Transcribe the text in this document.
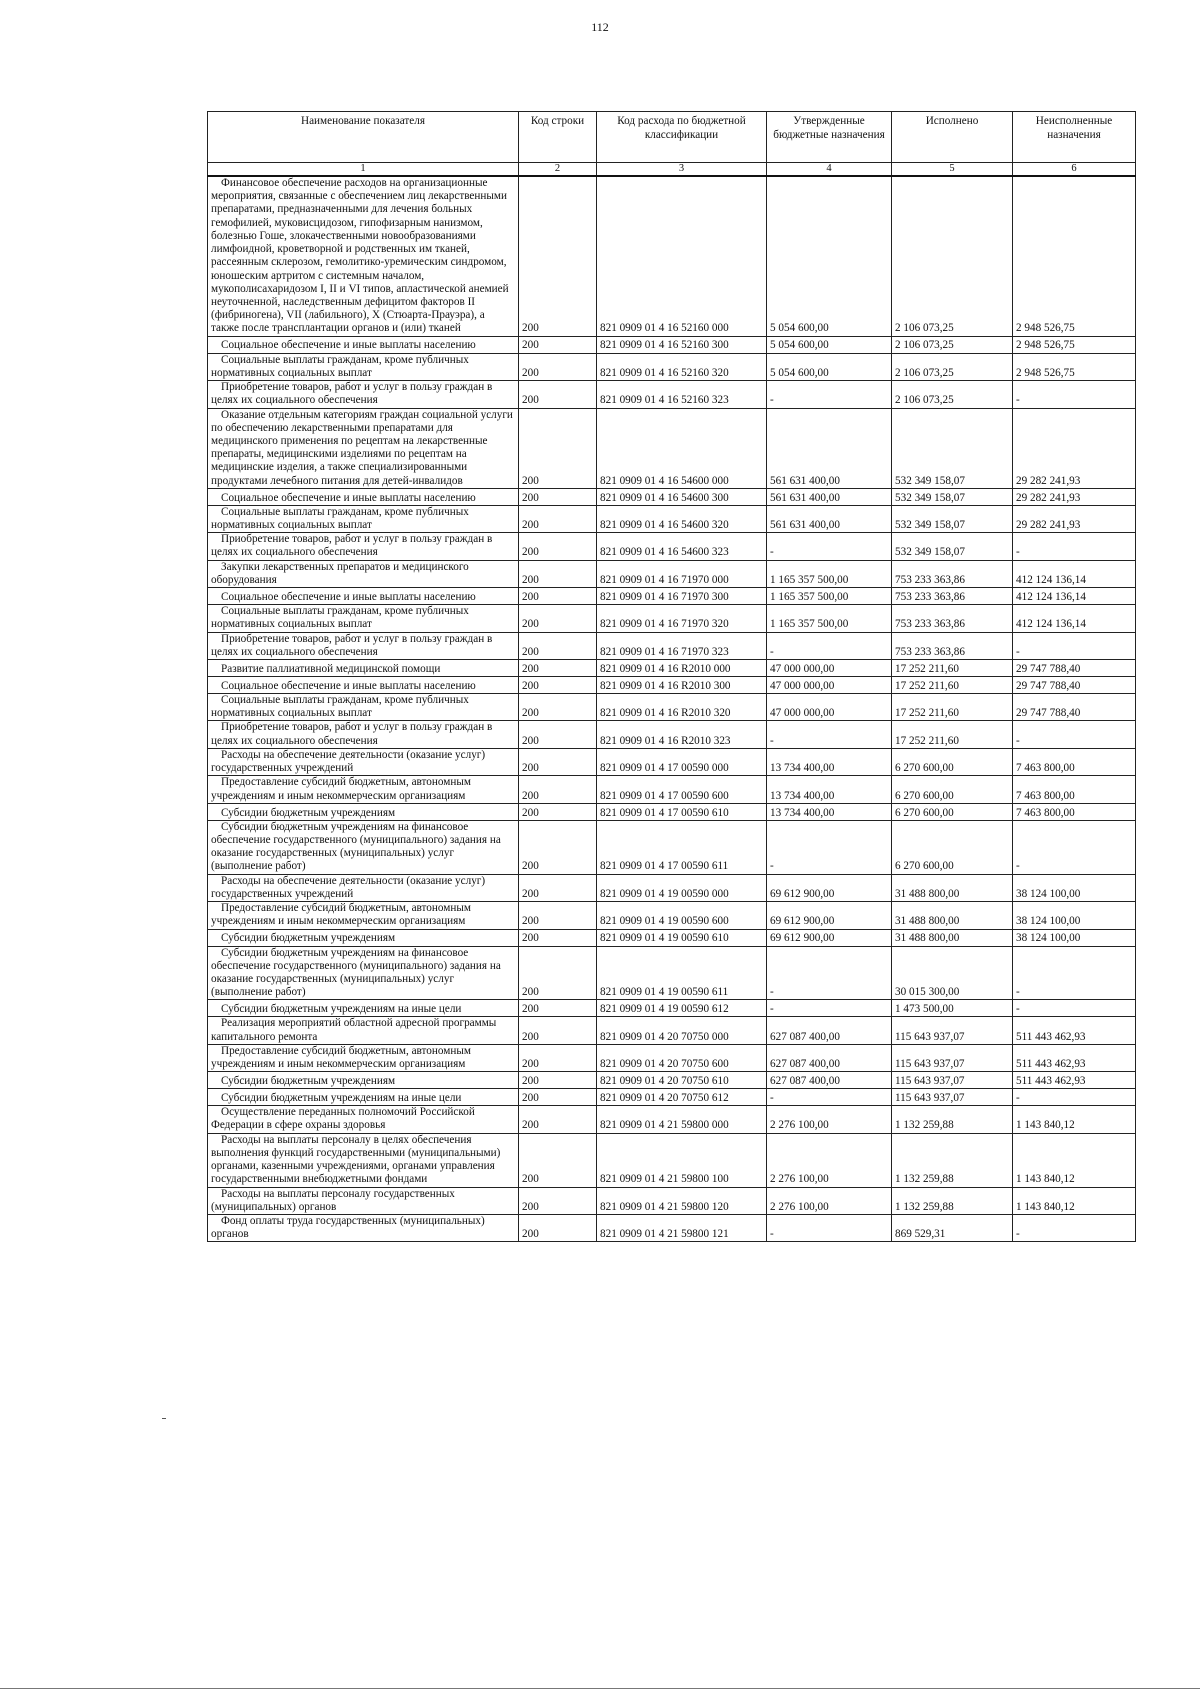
112
Наименование показателя	Код строки	Код расхода по бюджетной классификации	Утвержденные бюджетные назначения	Исполнено	Неисполненные назначения
1	2	3	4	5	6
Финансовое обеспечение расходов на организационные мероприятия, связанные с обеспечением лиц лекарственными препаратами, предназначенными для лечения больных гемофилией, муковисцидозом, гипофизарным нанизмом, болезнью Гоше, злокачественными новообразованиями лимфоидной, кроветворной и родственных им тканей, рассеянным склерозом, гемолитико-уремическим синдромом, юношеским артритом с системным началом, мукополисахаридозом I, II и VI типов, апластической анемией неуточненной, наследственным дефицитом факторов II (фибриногена), VII (лабильного), X (Стюарта-Прауэра), а также после трансплантации органов и (или) тканей	200	821 0909 01 4 16 52160 000	5 054 600,00	2 106 073,25	2 948 526,75
Социальное обеспечение и иные выплаты населению	200	821 0909 01 4 16 52160 300	5 054 600,00	2 106 073,25	2 948 526,75
Социальные выплаты гражданам, кроме публичных нормативных социальных выплат	200	821 0909 01 4 16 52160 320	5 054 600,00	2 106 073,25	2 948 526,75
Приобретение товаров, работ и услуг в пользу граждан в целях их социального обеспечения	200	821 0909 01 4 16 52160 323	-	2 106 073,25	-
Оказание отдельным категориям граждан социальной услуги по обеспечению лекарственными препаратами для медицинского применения по рецептам на лекарственные препараты, медицинскими изделиями по рецептам на медицинские изделия, а также специализированными продуктами лечебного питания для детей-инвалидов	200	821 0909 01 4 16 54600 000	561 631 400,00	532 349 158,07	29 282 241,93
Социальное обеспечение и иные выплаты населению	200	821 0909 01 4 16 54600 300	561 631 400,00	532 349 158,07	29 282 241,93
Социальные выплаты гражданам, кроме публичных нормативных социальных выплат	200	821 0909 01 4 16 54600 320	561 631 400,00	532 349 158,07	29 282 241,93
Приобретение товаров, работ и услуг в пользу граждан в целях их социального обеспечения	200	821 0909 01 4 16 54600 323	-	532 349 158,07	-
Закупки лекарственных препаратов и медицинского оборудования	200	821 0909 01 4 16 71970 000	1 165 357 500,00	753 233 363,86	412 124 136,14
Социальное обеспечение и иные выплаты населению	200	821 0909 01 4 16 71970 300	1 165 357 500,00	753 233 363,86	412 124 136,14
Социальные выплаты гражданам, кроме публичных нормативных социальных выплат	200	821 0909 01 4 16 71970 320	1 165 357 500,00	753 233 363,86	412 124 136,14
Приобретение товаров, работ и услуг в пользу граждан в целях их социального обеспечения	200	821 0909 01 4 16 71970 323	-	753 233 363,86	-
Развитие паллиативной медицинской помощи	200	821 0909 01 4 16 R2010 000	47 000 000,00	17 252 211,60	29 747 788,40
Социальное обеспечение и иные выплаты населению	200	821 0909 01 4 16 R2010 300	47 000 000,00	17 252 211,60	29 747 788,40
Социальные выплаты гражданам, кроме публичных нормативных социальных выплат	200	821 0909 01 4 16 R2010 320	47 000 000,00	17 252 211,60	29 747 788,40
Приобретение товаров, работ и услуг в пользу граждан в целях их социального обеспечения	200	821 0909 01 4 16 R2010 323	-	17 252 211,60	-
Расходы на обеспечение деятельности (оказание услуг) государственных учреждений	200	821 0909 01 4 17 00590 000	13 734 400,00	6 270 600,00	7 463 800,00
Предоставление субсидий бюджетным, автономным учреждениям и иным некоммерческим организациям	200	821 0909 01 4 17 00590 600	13 734 400,00	6 270 600,00	7 463 800,00
Субсидии бюджетным учреждениям	200	821 0909 01 4 17 00590 610	13 734 400,00	6 270 600,00	7 463 800,00
Субсидии бюджетным учреждениям на финансовое обеспечение государственного (муниципального) задания на оказание государственных (муниципальных) услуг (выполнение работ)	200	821 0909 01 4 17 00590 611	-	6 270 600,00	-
Расходы на обеспечение деятельности (оказание услуг) государственных учреждений	200	821 0909 01 4 19 00590 000	69 612 900,00	31 488 800,00	38 124 100,00
Предоставление субсидий бюджетным, автономным учреждениям и иным некоммерческим организациям	200	821 0909 01 4 19 00590 600	69 612 900,00	31 488 800,00	38 124 100,00
Субсидии бюджетным учреждениям	200	821 0909 01 4 19 00590 610	69 612 900,00	31 488 800,00	38 124 100,00
Субсидии бюджетным учреждениям на финансовое обеспечение государственного (муниципального) задания на оказание государственных (муниципальных) услуг (выполнение работ)	200	821 0909 01 4 19 00590 611	-	30 015 300,00	-
Субсидии бюджетным учреждениям на иные цели	200	821 0909 01 4 19 00590 612	-	1 473 500,00	-
Реализация мероприятий областной адресной программы капитального ремонта	200	821 0909 01 4 20 70750 000	627 087 400,00	115 643 937,07	511 443 462,93
Предоставление субсидий бюджетным, автономным учреждениям и иным некоммерческим организациям	200	821 0909 01 4 20 70750 600	627 087 400,00	115 643 937,07	511 443 462,93
Субсидии бюджетным учреждениям	200	821 0909 01 4 20 70750 610	627 087 400,00	115 643 937,07	511 443 462,93
Субсидии бюджетным учреждениям на иные цели	200	821 0909 01 4 20 70750 612	-	115 643 937,07	-
Осуществление переданных полномочий Российской Федерации в сфере охраны здоровья	200	821 0909 01 4 21 59800 000	2 276 100,00	1 132 259,88	1 143 840,12
Расходы на выплаты персоналу в целях обеспечения выполнения функций государственными (муниципальными) органами, казенными учреждениями, органами управления государственными внебюджетными фондами	200	821 0909 01 4 21 59800 100	2 276 100,00	1 132 259,88	1 143 840,12
Расходы на выплаты персоналу государственных (муниципальных) органов	200	821 0909 01 4 21 59800 120	2 276 100,00	1 132 259,88	1 143 840,12
Фонд оплаты труда государственных (муниципальных) органов	200	821 0909 01 4 21 59800 121	-	869 529,31	-
